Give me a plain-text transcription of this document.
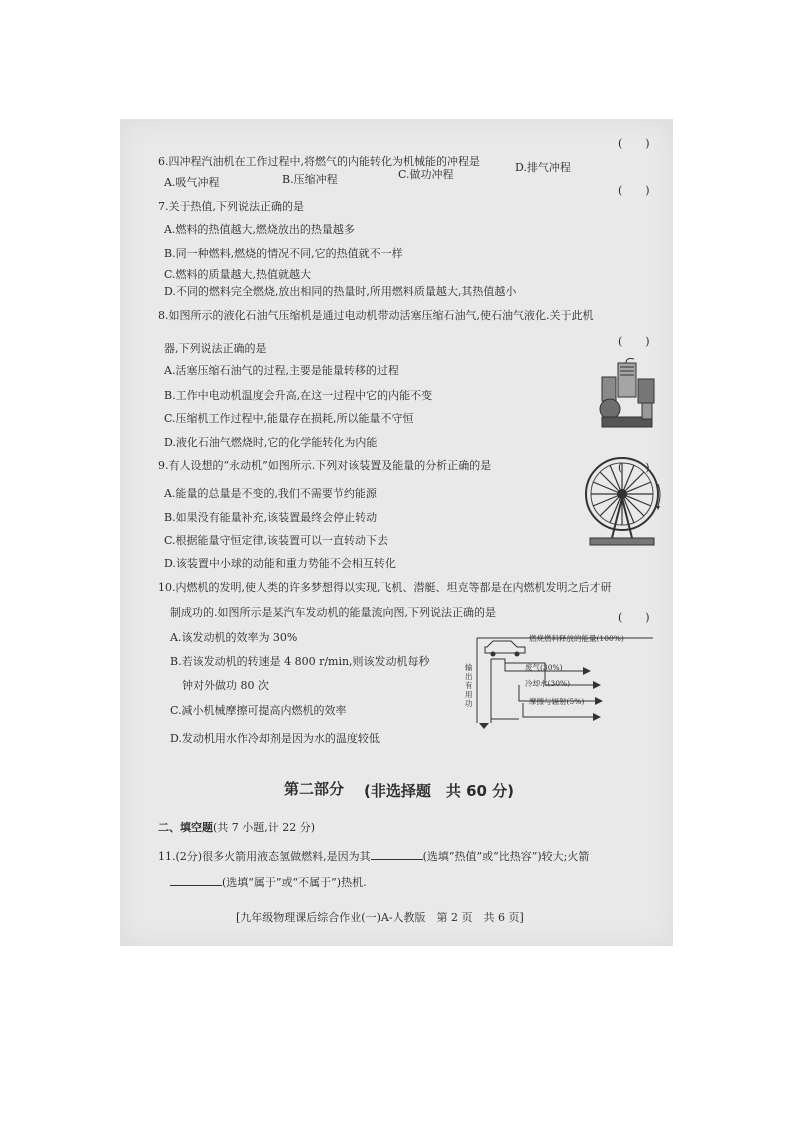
(　)
6.四冲程汽油机在工作过程中,将燃气的内能转化为机械能的冲程是
A.吸气冲程	B.压缩冲程	C.做功冲程
D.排气冲程
(　)
7.关于热值,下列说法正确的是
A.燃料的热值越大,燃烧放出的热量越多
B.同一种燃料,燃烧的情况不同,它的热值就不一样
C.燃料的质量越大,热值就越大
D.不同的燃料完全燃烧,放出相同的热量时,所用燃料质量越大,其热值越小
8.如图所示的液化石油气压缩机是通过电动机带动活塞压缩石油气,使石油气液化.关于此机
器,下列说法正确的是
(　)
A.活塞压缩石油气的过程,主要是能量转移的过程
B.工作中电动机温度会升高,在这一过程中它的内能不变
C.压缩机工作过程中,能量存在损耗,所以能量不守恒
D.液化石油气燃烧时,它的化学能转化为内能
9.有人设想的“永动机”如图所示.下列对该装置及能量的分析正确的是	(　)
A.能量的总量是不变的,我们不需要节约能源
B.如果没有能量补充,该装置最终会停止转动
C.根据能量守恒定律,该装置可以一直转动下去
D.该装置中小球的动能和重力势能不会相互转化
10.内燃机的发明,使人类的许多梦想得以实现,飞机、潜艇、坦克等都是在内燃机发明之后才研
制成功的.如图所示是某汽车发动机的能量流向图,下列说法正确的是	(　)
A.该发动机的效率为 30%
B.若该发动机的转速是 4 800 r/min,则该发动机每秒
钟对外做功 80 次
C.减小机械摩擦可提高内燃机的效率
D.发动机用水作冷却剂是因为水的温度较低
燃烧燃料释放的能量(100%)
废气(30%)
冷却水(30%)
摩擦与辐射(5%)
输出有用功
第二部分 (非选择题　共 60 分)
二、填空题(共 7 小题,计 22 分)
11.(2分)很多火箭用液态氢做燃料,是因为其	(选填“热值”或“比热容”)较大;火箭
(选填“属于”或“不属于”)热机.
[九年级物理课后综合作业(一)A-人教版　第 2 页　共 6 页]
